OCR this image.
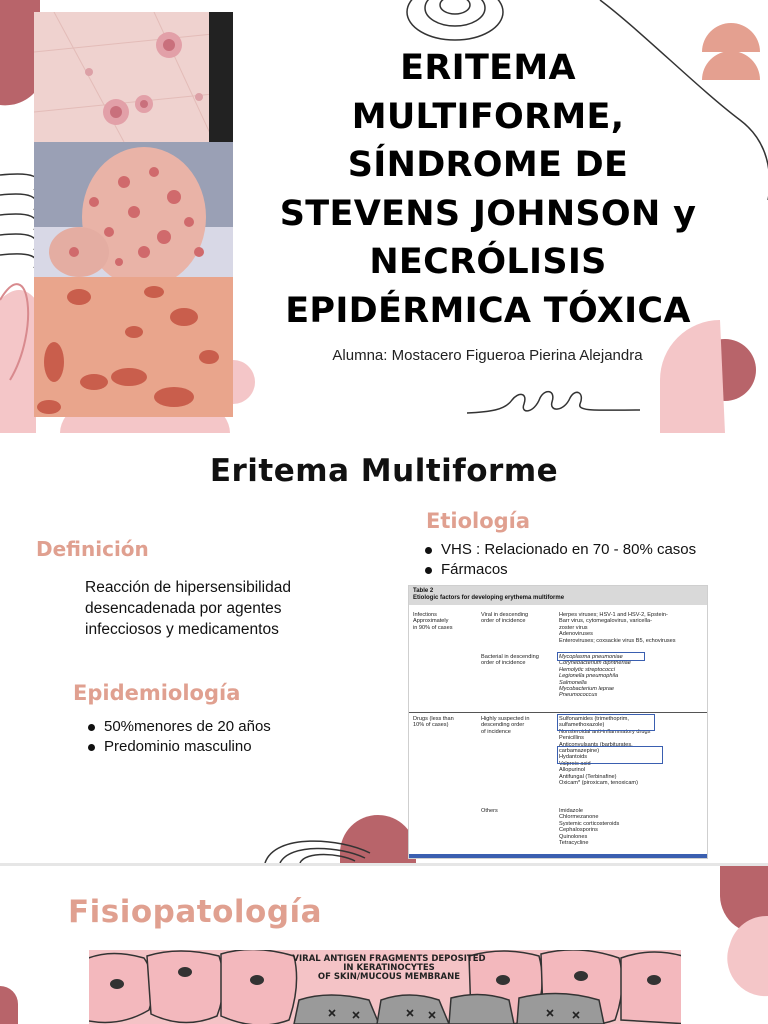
ERITEMA
MULTIFORME,
SÍNDROME DE
STEVENS JOHNSON y
NECRÓLISIS
EPIDÉRMICA TÓXICA
Alumna: Mostacero Figueroa Pierina Alejandra
Eritema Multiforme
Definición
Reacción de hipersensibilidad
desencadenada por agentes
infecciosos y medicamentos
Epidemiología
50%menores de 20 años
Predominio masculino
Etiología
VHS : Relacionado en 70 - 80% casos
Fármacos
Table 2
Etiologic factors for developing erythema multiforme
Infections
Approximately
in 90% of cases
Viral in descending
order of incidence
Herpes viruses; HSV-1 and HSV-2, Epstein-
Barr virus, cytomegalovirus, varicella-
zoster virus
Adenoviruses
Enteroviruses; coxsackie virus B5, echoviruses
Bacterial in descending
order of incidence
Mycoplasma pneumoniae
Corynebacterium diphtheriae
Hemolytic streptococci
Legionella pneumophila
Salmonella
Mycobacterium leprae
Pneumococcus
Drugs (less than
10% of cases)
Highly suspected in
descending order
of incidence
Sulfonamides (trimethoprim,
sulfamethoxazole)
Nonsteroidal anti-inflammatory drugs
Penicillins
Anticonvulsants (barbiturates,
carbamazepine)
Hydantoids
Valproic acid
Allopurinol
Antifungal (Terbinafine)
Oxicam* (piroxicam, tenoxicam)
Others	Imidazole
Chlormezanone
Systemic corticosteroids
Cephalosporins
Quinolones
Tetracycline
Fisiopatología
VIRAL ANTIGEN FRAGMENTS DEPOSITED
IN KERATINOCYTES
OF SKIN/MUCOUS MEMBRANE
